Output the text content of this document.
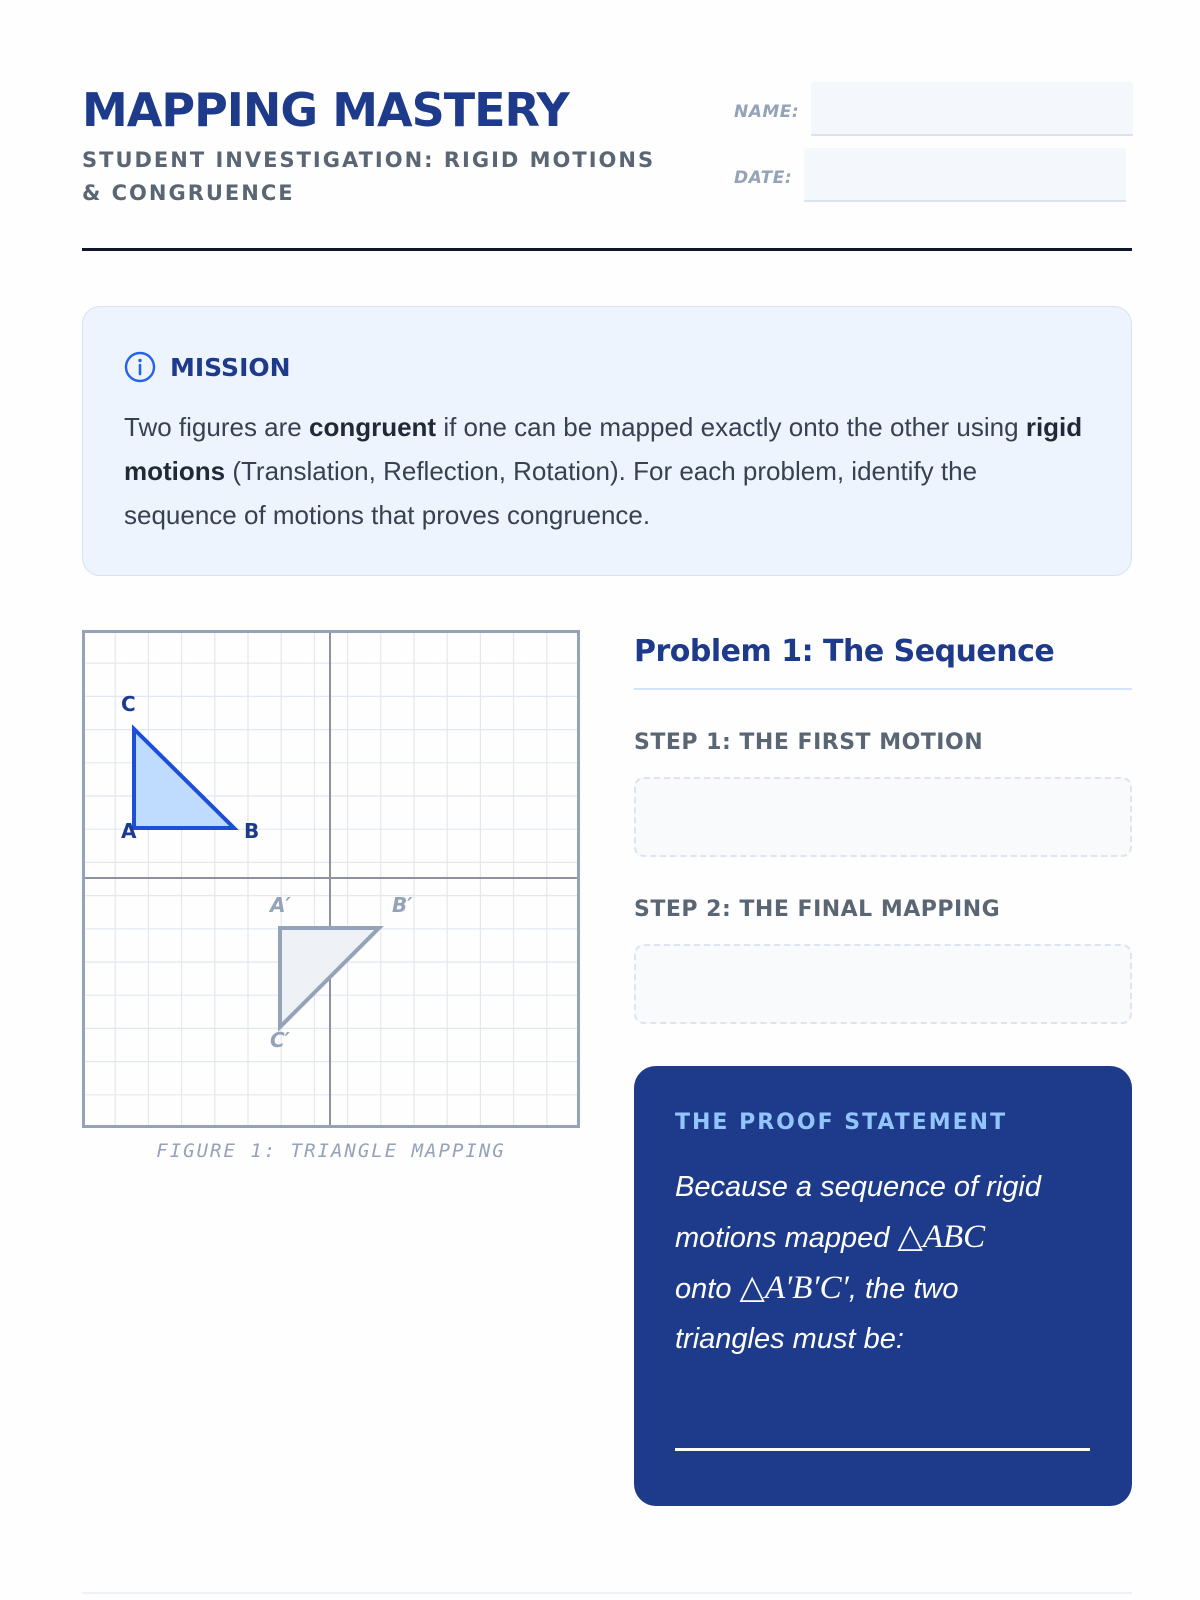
MAPPING MASTERY
STUDENT INVESTIGATION: RIGID MOTIONS & CONGRUENCE
NAME:
DATE:
MISSION

Two figures are congruent if one can be mapped exactly onto the other using rigid motions (Translation, Reflection, Rotation). For each problem, identify the sequence of motions that proves congruence.

C
A	B
A′	B′
C′
FIGURE 1: TRIANGLE MAPPING
Problem 1: The Sequence
STEP 1: THE FIRST MOTION
STEP 2: THE FINAL MAPPING
THE PROOF STATEMENT

Because a sequence of rigid motions mapped △ABC
onto △A′B′C′, the two triangles must be:
